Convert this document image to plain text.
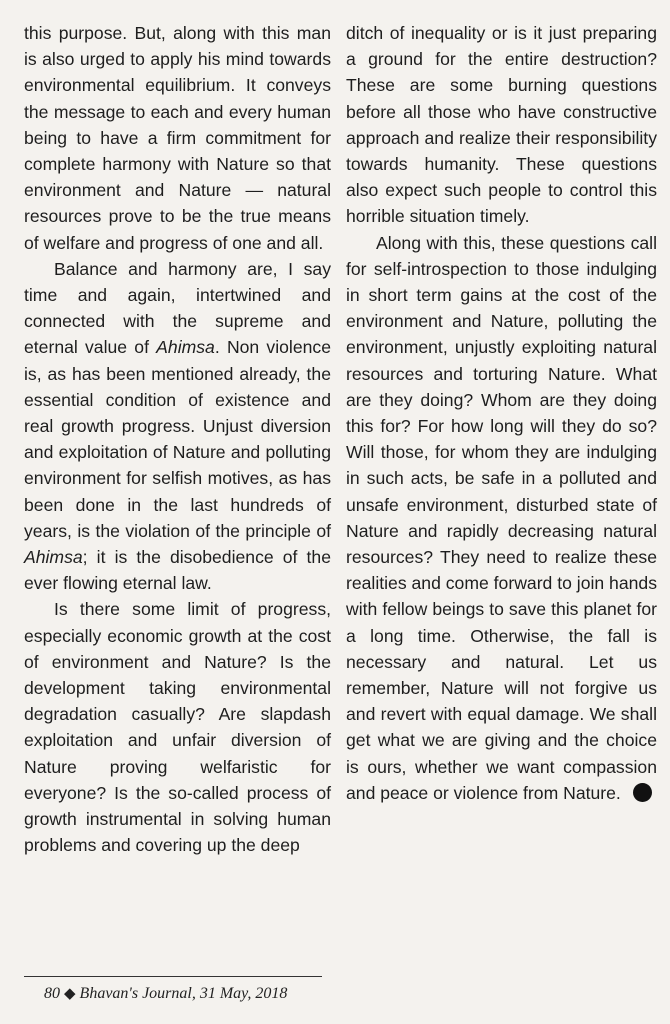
this purpose. But, along with this man is also urged to apply his mind towards environmental equilibrium. It conveys the message to each and every human being to have a firm commitment for complete harmony with Nature so that environment and Nature — natural resources prove to be the true means of welfare and progress of one and all.

Balance and harmony are, I say time and again, intertwined and connected with the supreme and eternal value of Ahimsa. Non violence is, as has been mentioned already, the essential condition of existence and real growth progress. Unjust diversion and exploitation of Nature and polluting environment for selfish motives, as has been done in the last hundreds of years, is the violation of the principle of Ahimsa; it is the disobedience of the ever flowing eternal law.

Is there some limit of progress, especially economic growth at the cost of environment and Nature? Is the development taking environmental degradation casually? Are slapdash exploitation and unfair diversion of Nature proving welfaristic for everyone? Is the so-called process of growth instrumental in solving human problems and covering up the deep

ditch of inequality or is it just preparing a ground for the entire destruction? These are some burning questions before all those who have constructive approach and realize their responsibility towards humanity. These questions also expect such people to control this horrible situation timely.

Along with this, these questions call for self-introspection to those indulging in short term gains at the cost of the environment and Nature, polluting the environment, unjustly exploiting natural resources and torturing Nature. What are they doing? Whom are they doing this for? For how long will they do so? Will those, for whom they are indulging in such acts, be safe in a polluted and unsafe environment, disturbed state of Nature and rapidly decreasing natural resources? They need to realize these realities and come forward to join hands with fellow beings to save this planet for a long time. Otherwise, the fall is necessary and natural. Let us remember, Nature will not forgive us and revert with equal damage. We shall get what we are giving and the choice is ours, whether we want compassion and peace or violence from Nature.

80 ◆ Bhavan's Journal, 31 May, 2018
